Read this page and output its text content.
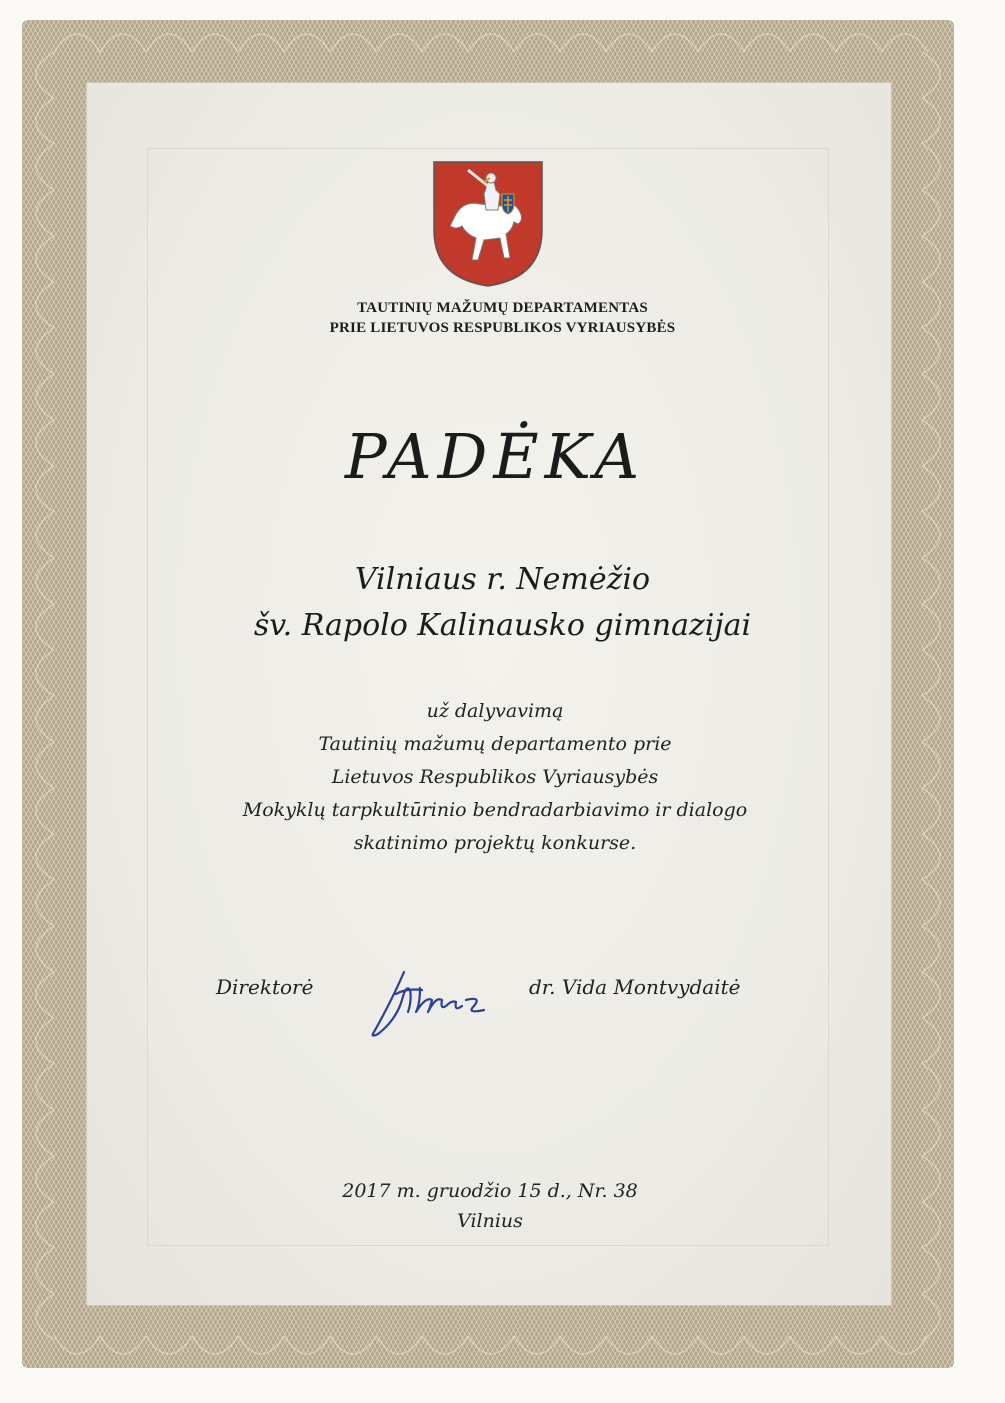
TAUTINIŲ MAŽUMŲ DEPARTAMENTAS

PRIE LIETUVOS RESPUBLIKOS VYRIAUSYBĖS

PADĖKA

Vilniaus r. Nemėžio

šv. Rapolo Kalinausko gimnazijai

už dalyvavimą

Tautinių mažumų departamento prie

Lietuvos Respublikos Vyriausybės

Mokyklų tarpkultūrinio bendradarbiavimo ir dialogo

skatinimo projektų konkurse.

Direktorė	dr. Vida Montvydaitė

2017 m. gruodžio 15 d., Nr. 38

Vilnius
